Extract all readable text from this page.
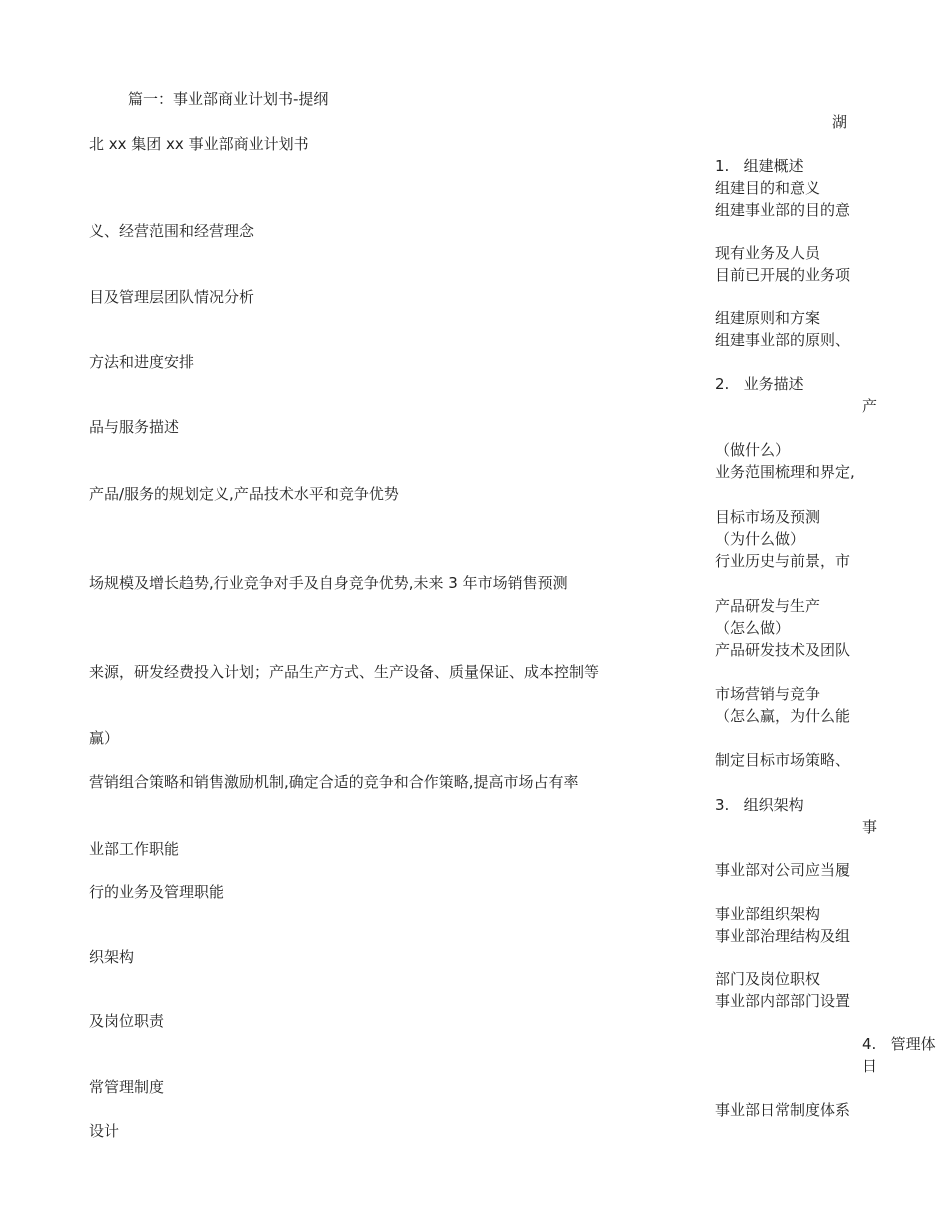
篇一：事业部商业计划书-提纲
北 xx 集团 xx 事业部商业计划书
义、经营范围和经营理念
目及管理层团队情况分析
方法和进度安排
品与服务描述
产品/服务的规划定义,产品技术水平和竞争优势
场规模及增长趋势,行业竞争对手及自身竞争优势,未来 3 年市场销售预测
来源，研发经费投入计划；产品生产方式、生产设备、质量保证、成本控制等
赢）
营销组合策略和销售激励机制,确定合适的竞争和合作策略,提高市场占有率
业部工作职能
行的业务及管理职能
织架构
及岗位职责
常管理制度
设计
湖
1.   组建概述
组建目的和意义
组建事业部的目的意
现有业务及人员
目前已开展的业务项
组建原则和方案
组建事业部的原则、
2.   业务描述
产
（做什么）
业务范围梳理和界定,
目标市场及预测
（为什么做）
行业历史与前景，市
产品研发与生产
（怎么做）
产品研发技术及团队
市场营销与竞争
（怎么赢，为什么能
制定目标市场策略、
3.   组织架构
事
事业部对公司应当履
事业部组织架构
事业部治理结构及组
部门及岗位职权
事业部内部部门设置
4.   管理体
日
事业部日常制度体系
